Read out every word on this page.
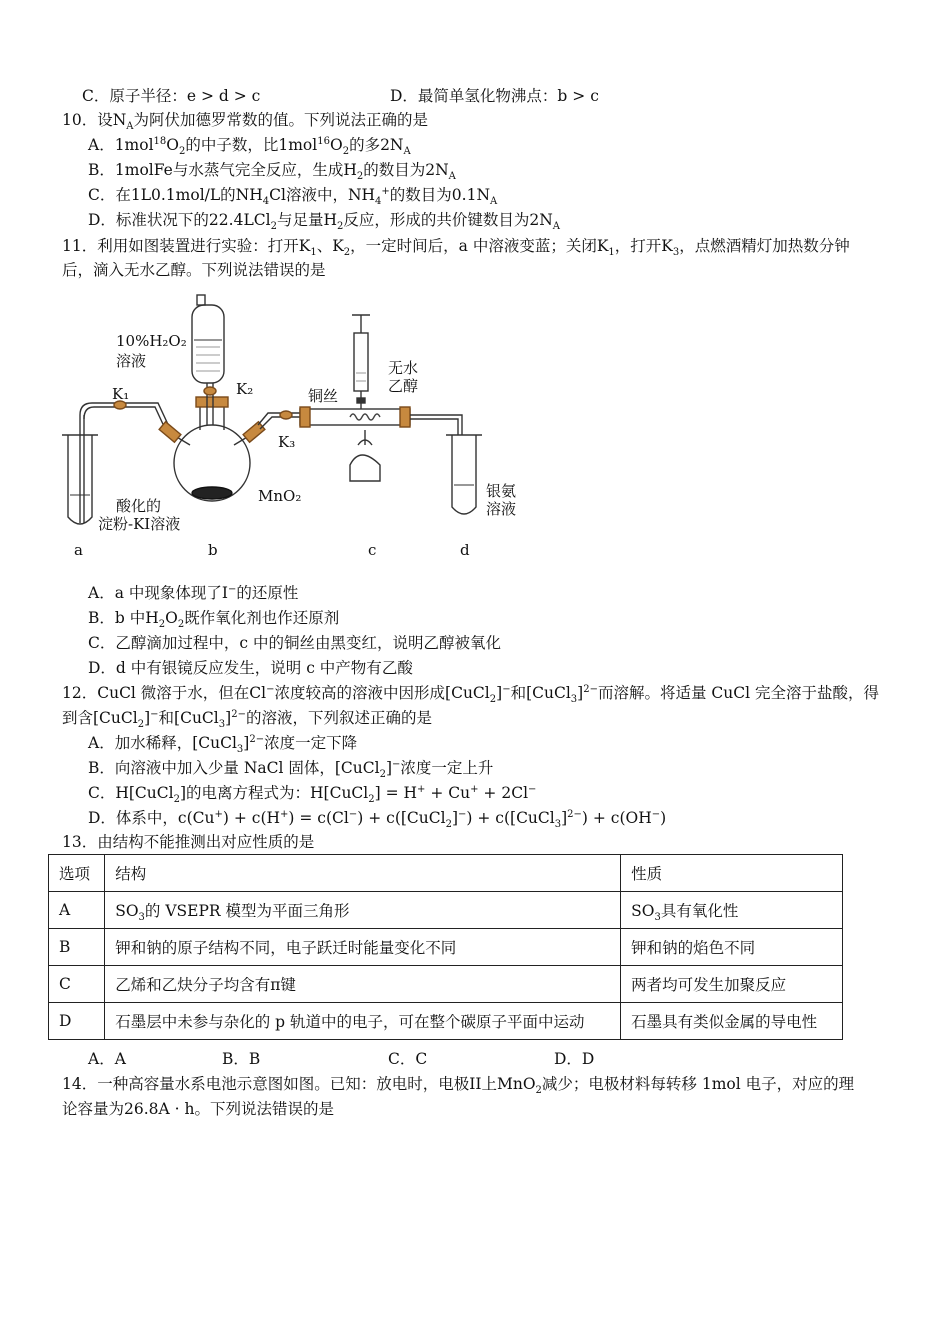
C．原子半径：e > d > c	D．最简单氢化物沸点：b > c
10．设$N_A$为阿伏加德罗常数的值。下列说法正确的是
A．$1mol^{18}O_2$的中子数，比$1mol^{16}O_2$的多$2N_A$
B．1molFe与水蒸气完全反应，生成$H_2$的数目为$2N_A$
C．在1L0.1mol/L的$NH_4Cl$溶液中，$NH_4^+$的数目为$0.1N_A$
D．标准状况下的22.4LCl$_2$与足量$H_2$反应，形成的共价键数目为$2N_A$
11．利用如图装置进行实验：打开$K_1$、$K_2$，一定时间后，a 中溶液变蓝；关闭$K_1$，打开$K_3$，点燃酒精灯加热数分钟
后，滴入无水乙醇。下列说法错误的是
10%H₂O₂
溶液
K₁	K₂
K₃
铜丝
无水
乙醇
MnO₂
酸化的
淀粉-KI溶液
银氨
溶液
a	b	c	d
A．a 中现象体现了I−的还原性
B．b 中$H_2O_2$既作氧化剂也作还原剂
C．乙醇滴加过程中，c 中的铜丝由黑变红，说明乙醇被氧化
D．d 中有银镜反应发生，说明 c 中产物有乙酸
12．CuCl 微溶于水，但在Cl−浓度较高的溶液中因形成[CuCl$_2$]−和[CuCl$_3$]$^{2-}$而溶解。将适量 CuCl 完全溶于盐酸，得
到含[CuCl$_2$]−和[CuCl$_3$]$^{2-}$的溶液，下列叙述正确的是
A．加水稀释，[CuCl$_3$]$^{2-}$浓度一定下降
B．向溶液中加入少量 NaCl 固体，[CuCl$_2$]−浓度一定上升
C．H[CuCl$_2$]的电离方程式为：H[CuCl$_2$] = H+ + Cu+ + 2Cl−
D．体系中，c(Cu+) + c(H+) = c(Cl−) + c([CuCl$_2$]−) + c([CuCl$_3$]$^{2-}$) + c(OH−)
13．由结构不能推测出对应性质的是
选项	结构	性质
A	$SO_3$的 VSEPR 模型为平面三角形	$SO_3$具有氧化性
B	钾和钠的原子结构不同，电子跃迁时能量变化不同	钾和钠的焰色不同
C	乙烯和乙炔分子均含有π键	两者均可发生加聚反应
D	石墨层中未参与杂化的 p 轨道中的电子，可在整个碳原子平面中运动	石墨具有类似金属的导电性
A．A	B．B	C．C	D．D
14．一种高容量水系电池示意图如图。已知：放电时，电极II上MnO$_2$减少；电极材料每转移 1mol 电子，对应的理
论容量为26.8A · h。下列说法错误的是
